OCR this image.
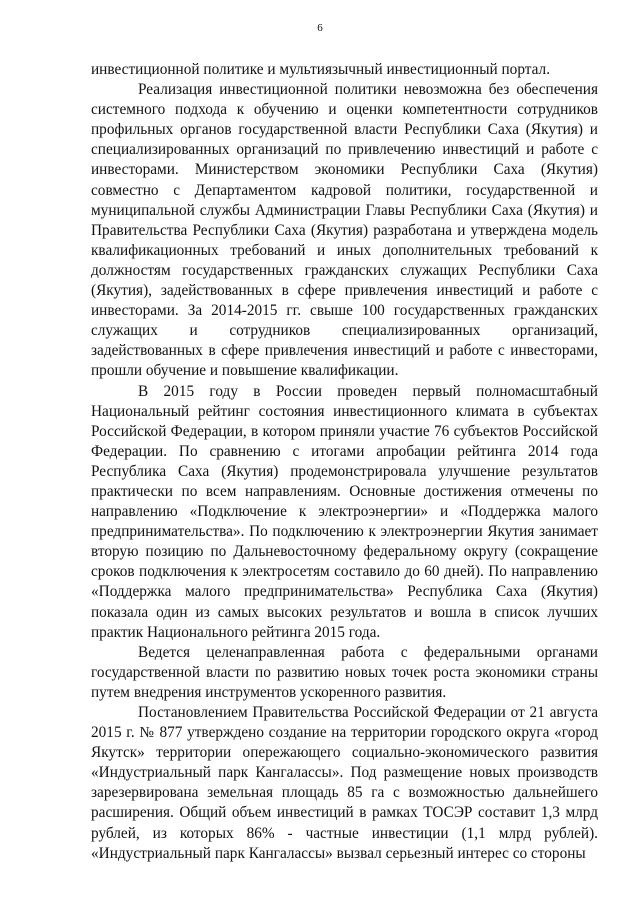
6

инвестиционной политике и мультиязычный инвестиционный портал.

Реализация инвестиционной политики невозможна без обеспечения системного подхода к обучению и оценки компетентности сотрудников профильных органов государственной власти Республики Саха (Якутия) и специализированных организаций по привлечению инвестиций и работе с инвесторами. Министерством экономики Республики Саха (Якутия) совместно с Департаментом кадровой политики, государственной и муниципальной службы Администрации Главы Республики Саха (Якутия) и Правительства Республики Саха (Якутия) разработана и утверждена модель квалификационных требований и иных дополнительных требований к должностям государственных гражданских служащих Республики Саха (Якутия), задействованных в сфере привлечения инвестиций и работе с инвесторами. За 2014-2015 гг. свыше 100 государственных гражданских служащих и сотрудников специализированных организаций, задействованных в сфере привлечения инвестиций и работе с инвесторами, прошли обучение и повышение квалификации.

В 2015 году в России проведен первый полномасштабный Национальный рейтинг состояния инвестиционного климата в субъектах Российской Федерации, в котором приняли участие 76 субъектов Российской Федерации. По сравнению с итогами апробации рейтинга 2014 года Республика Саха (Якутия) продемонстрировала улучшение результатов практически по всем направлениям. Основные достижения отмечены по направлению «Подключение к электроэнергии» и «Поддержка малого предпринимательства». По подключению к электроэнергии Якутия занимает вторую позицию по Дальневосточному федеральному округу (сокращение сроков подключения к электросетям составило до 60 дней). По направлению «Поддержка малого предпринимательства» Республика Саха (Якутия) показала один из самых высоких результатов и вошла в список лучших практик Национального рейтинга 2015 года.

Ведется целенаправленная работа с федеральными органами государственной власти по развитию новых точек роста экономики страны путем внедрения инструментов ускоренного развития.

Постановлением Правительства Российской Федерации от 21 августа 2015 г. № 877 утверждено создание на территории городского округа «город Якутск» территории опережающего социально-экономического развития «Индустриальный парк Кангалассы». Под размещение новых производств зарезервирована земельная площадь 85 га с возможностью дальнейшего расширения. Общий объем инвестиций в рамках ТОСЭР составит 1,3 млрд рублей, из которых 86% - частные инвестиции (1,1 млрд рублей). «Индустриальный парк Кангалассы» вызвал серьезный интерес со стороны
